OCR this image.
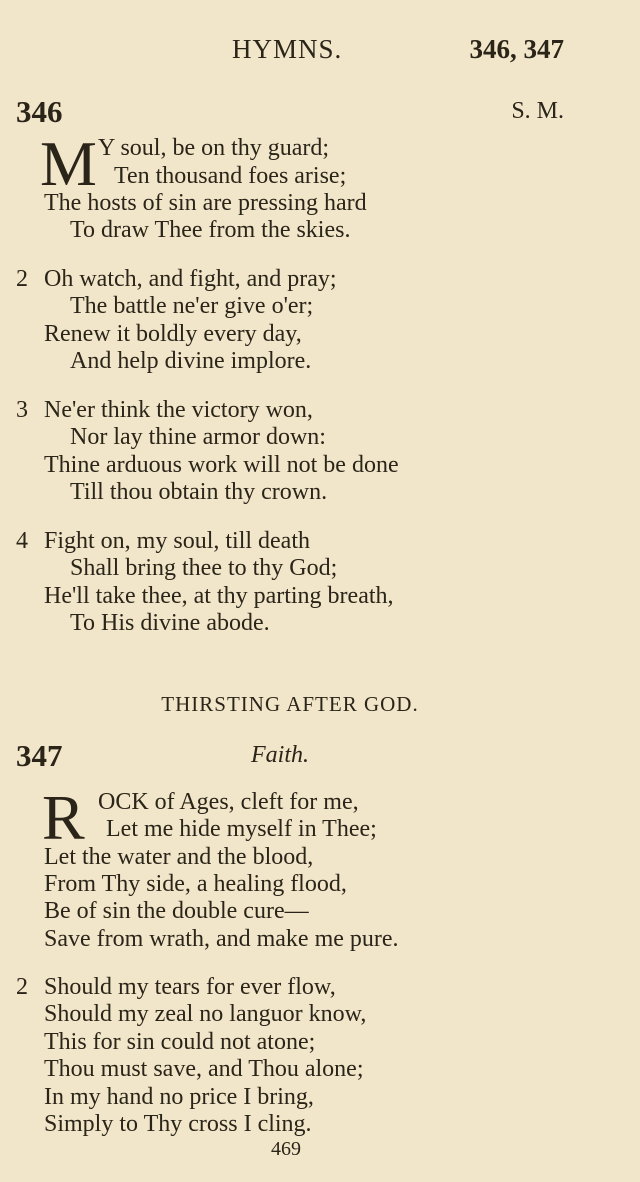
HYMNS.	346, 347
346	S. M.
M Y soul, be on thy guard;
Ten thousand foes arise;
The hosts of sin are pressing hard
To draw Thee from the skies.
2 Oh watch, and fight, and pray;
The battle ne'er give o'er;
Renew it boldly every day,
And help divine implore.
3 Ne'er think the victory won,
Nor lay thine armor down:
Thine arduous work will not be done
Till thou obtain thy crown.
4 Fight on, my soul, till death
Shall bring thee to thy God;
He'll take thee, at thy parting breath,
To His divine abode.
THIRSTING AFTER GOD.
347	Faith.
R OCK of Ages, cleft for me,
Let me hide myself in Thee;
Let the water and the blood,
From Thy side, a healing flood,
Be of sin the double cure—
Save from wrath, and make me pure.
2 Should my tears for ever flow,
Should my zeal no languor know,
This for sin could not atone;
Thou must save, and Thou alone;
In my hand no price I bring,
Simply to Thy cross I cling.
469
